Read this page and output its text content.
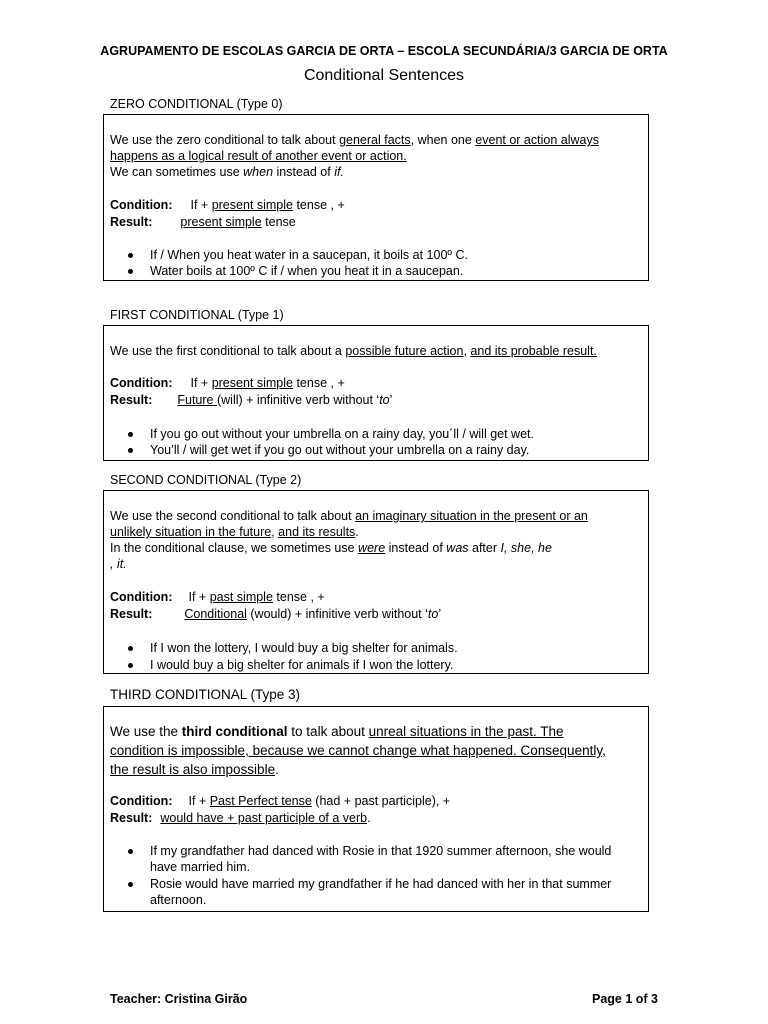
AGRUPAMENTO DE ESCOLAS GARCIA DE ORTA – ESCOLA SECUNDÁRIA/3 GARCIA DE ORTA
Conditional Sentences
ZERO CONDITIONAL (Type 0)
We use the zero conditional to talk about general facts, when one event or action always
happens as a logical result of another event or action.
We can sometimes use when instead of if.
Condition: If + present simple tense , +
Result: present simple tense
If / When you heat water in a saucepan, it boils at 100º C.
Water boils at 100º C if / when you heat it in a saucepan.
FIRST CONDITIONAL (Type 1)
We use the first conditional to talk about a possible future action, and its probable result.
Condition: If + present simple tense , +
Result: Future (will) + infinitive verb without ‘to’
If you go out without your umbrella on a rainy day, you´ll / will get wet.
You’ll / will get wet if you go out without your umbrella on a rainy day.
SECOND CONDITIONAL (Type 2)
We use the second conditional to talk about an imaginary situation in the present or an
unlikely situation in the future, and its results.
In the conditional clause, we sometimes use were instead of was after I, she, he
, it.
Condition: If + past simple tense , +
Result:	Conditional (would) + infinitive verb without ‘to’
If I won the lottery, I would buy a big shelter for animals.
I would buy a big shelter for animals if I won the lottery.
THIRD CONDITIONAL (Type 3)
We use the third conditional to talk about unreal situations in the past. The
condition is impossible, because we cannot change what happened. Consequently,
the result is also impossible.
Condition: If + Past Perfect tense (had + past participle), +
Result: would have + past participle of a verb.
If my grandfather had danced with Rosie in that 1920 summer afternoon, she would
have married him.
Rosie would have married my grandfather if he had danced with her in that summer
afternoon.
Teacher: Cristina Girão	Page 1 of 3
